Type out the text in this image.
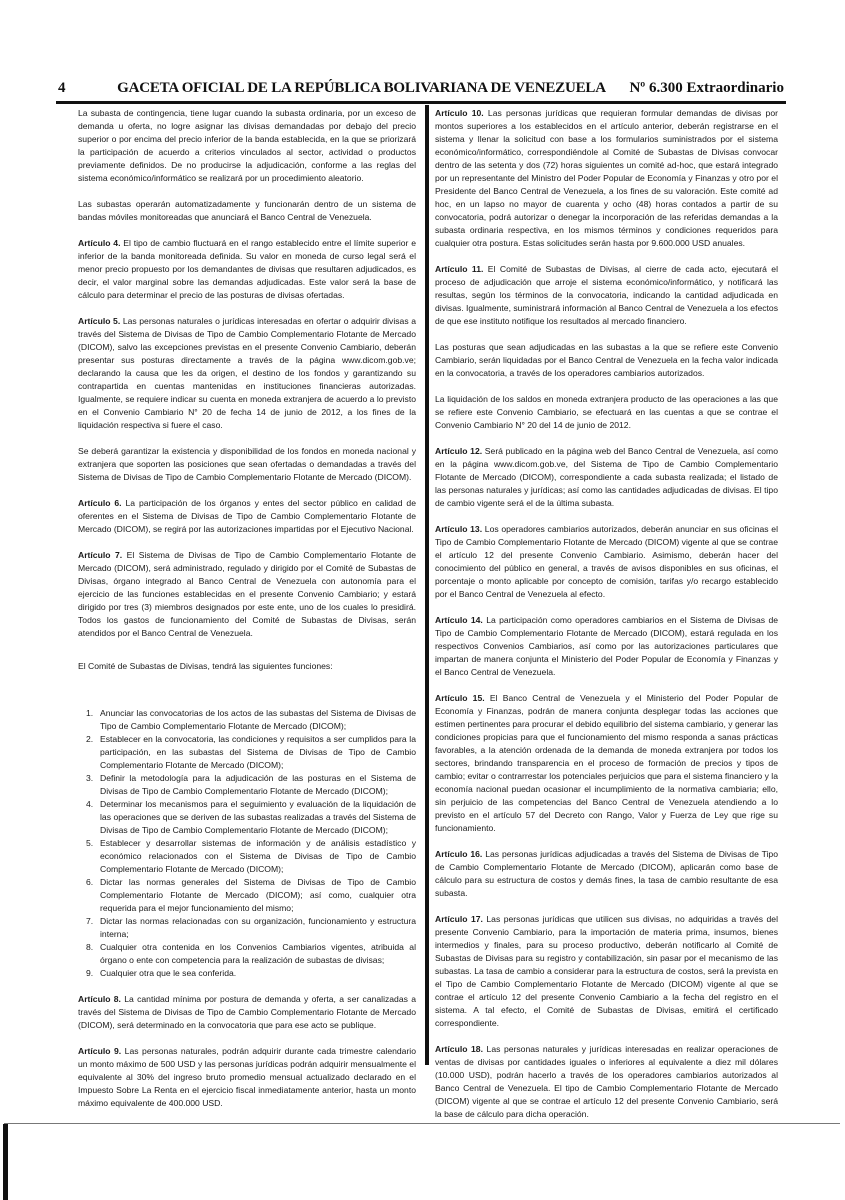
4	GACETA OFICIAL DE LA REPÚBLICA BOLIVARIANA DE VENEZUELA Nº 6.300 Extraordinario

La subasta de contingencia, tiene lugar cuando la subasta ordinaria, por un exceso de demanda u oferta, no logre asignar las divisas demandadas por debajo del precio superior o por encima del precio inferior de la banda establecida, en la que se priorizará la participación de acuerdo a criterios vinculados al sector, actividad o productos previamente definidos. De no producirse la adjudicación, conforme a las reglas del sistema económico/informático se realizará por un procedimiento aleatorio.

Las subastas operarán automatizadamente y funcionarán dentro de un sistema de bandas móviles monitoreadas que anunciará el Banco Central de Venezuela.

Artículo 4. El tipo de cambio fluctuará en el rango establecido entre el límite superior e inferior de la banda monitoreada definida. Su valor en moneda de curso legal será el menor precio propuesto por los demandantes de divisas que resultaren adjudicados, es decir, el valor marginal sobre las demandas adjudicadas. Este valor será la base de cálculo para determinar el precio de las posturas de divisas ofertadas.

Artículo 5. Las personas naturales o jurídicas interesadas en ofertar o adquirir divisas a través del Sistema de Divisas de Tipo de Cambio Complementario Flotante de Mercado (DICOM), salvo las excepciones previstas en el presente Convenio Cambiario, deberán presentar sus posturas directamente a través de la página www.dicom.gob.ve; declarando la causa que les da origen, el destino de los fondos y garantizando su contrapartida en cuentas mantenidas en instituciones financieras autorizadas. Igualmente, se requiere indicar su cuenta en moneda extranjera de acuerdo a lo previsto en el Convenio Cambiario N° 20 de fecha 14 de junio de 2012, a los fines de la liquidación respectiva si fuere el caso.

Se deberá garantizar la existencia y disponibilidad de los fondos en moneda nacional y extranjera que soporten las posiciones que sean ofertadas o demandadas a través del Sistema de Divisas de Tipo de Cambio Complementario Flotante de Mercado (DICOM).

Artículo 6. La participación de los órganos y entes del sector público en calidad de oferentes en el Sistema de Divisas de Tipo de Cambio Complementario Flotante de Mercado (DICOM), se regirá por las autorizaciones impartidas por el Ejecutivo Nacional.

Artículo 7. El Sistema de Divisas de Tipo de Cambio Complementario Flotante de Mercado (DICOM), será administrado, regulado y dirigido por el Comité de Subastas de Divisas, órgano integrado al Banco Central de Venezuela con autonomía para el ejercicio de las funciones establecidas en el presente Convenio Cambiario; y estará dirigido por tres (3) miembros designados por este ente, uno de los cuales lo presidirá. Todos los gastos de funcionamiento del Comité de Subastas de Divisas, serán atendidos por el Banco Central de Venezuela.

El Comité de Subastas de Divisas, tendrá las siguientes funciones:

1. Anunciar las convocatorias de los actos de las subastas del Sistema de Divisas de Tipo de Cambio Complementario Flotante de Mercado (DICOM);
2. Establecer en la convocatoria, las condiciones y requisitos a ser cumplidos para la participación, en las subastas del Sistema de Divisas de Tipo de Cambio Complementario Flotante de Mercado (DICOM);
3. Definir la metodología para la adjudicación de las posturas en el Sistema de Divisas de Tipo de Cambio Complementario Flotante de Mercado (DICOM);
4. Determinar los mecanismos para el seguimiento y evaluación de la liquidación de las operaciones que se deriven de las subastas realizadas a través del Sistema de Divisas de Tipo de Cambio Complementario Flotante de Mercado (DICOM);
5. Establecer y desarrollar sistemas de información y de análisis estadístico y económico relacionados con el Sistema de Divisas de Tipo de Cambio Complementario Flotante de Mercado (DICOM);
6. Dictar las normas generales del Sistema de Divisas de Tipo de Cambio Complementario Flotante de Mercado (DICOM); así como, cualquier otra requerida para el mejor funcionamiento del mismo;
7. Dictar las normas relacionadas con su organización, funcionamiento y estructura interna;
8. Cualquier otra contenida en los Convenios Cambiarios vigentes, atribuida al órgano o ente con competencia para la realización de subastas de divisas;
9. Cualquier otra que le sea conferida.

Artículo 8. La cantidad mínima por postura de demanda y oferta, a ser canalizadas a través del Sistema de Divisas de Tipo de Cambio Complementario Flotante de Mercado (DICOM), será determinado en la convocatoria que para ese acto se publique.

Artículo 9. Las personas naturales, podrán adquirir durante cada trimestre calendario un monto máximo de 500 USD y las personas jurídicas podrán adquirir mensualmente el equivalente al 30% del ingreso bruto promedio mensual actualizado declarado en el Impuesto Sobre La Renta en el ejercicio fiscal inmediatamente anterior, hasta un monto máximo equivalente de 400.000 USD.

Artículo 10. Las personas jurídicas que requieran formular demandas de divisas por montos superiores a los establecidos en el artículo anterior, deberán registrarse en el sistema y llenar la solicitud con base a los formularios suministrados por el sistema económico/informático, correspondiéndole al Comité de Subastas de Divisas convocar dentro de las setenta y dos (72) horas siguientes un comité ad-hoc, que estará integrado por un representante del Ministro del Poder Popular de Economía y Finanzas y otro por el Presidente del Banco Central de Venezuela, a los fines de su valoración. Este comité ad hoc, en un lapso no mayor de cuarenta y ocho (48) horas contados a partir de su convocatoria, podrá autorizar o denegar la incorporación de las referidas demandas a la subasta ordinaria respectiva, en los mismos términos y condiciones requeridos para cualquier otra postura. Estas solicitudes serán hasta por 9.600.000 USD anuales.

Artículo 11. El Comité de Subastas de Divisas, al cierre de cada acto, ejecutará el proceso de adjudicación que arroje el sistema económico/informático, y notificará las resultas, según los términos de la convocatoria, indicando la cantidad adjudicada en divisas. Igualmente, suministrará información al Banco Central de Venezuela a los efectos de que ese instituto notifique los resultados al mercado financiero.

Las posturas que sean adjudicadas en las subastas a la que se refiere este Convenio Cambiario, serán liquidadas por el Banco Central de Venezuela en la fecha valor indicada en la convocatoria, a través de los operadores cambiarios autorizados.

La liquidación de los saldos en moneda extranjera producto de las operaciones a las que se refiere este Convenio Cambiario, se efectuará en las cuentas a que se contrae el Convenio Cambiario N° 20 del 14 de junio de 2012.

Artículo 12. Será publicado en la página web del Banco Central de Venezuela, así como en la página www.dicom.gob.ve, del Sistema de Tipo de Cambio Complementario Flotante de Mercado (DICOM), correspondiente a cada subasta realizada; el listado de las personas naturales y jurídicas; así como las cantidades adjudicadas de divisas. El tipo de cambio vigente será el de la última subasta.

Artículo 13. Los operadores cambiarios autorizados, deberán anunciar en sus oficinas el Tipo de Cambio Complementario Flotante de Mercado (DICOM) vigente al que se contrae el artículo 12 del presente Convenio Cambiario. Asimismo, deberán hacer del conocimiento del público en general, a través de avisos disponibles en sus oficinas, el porcentaje o monto aplicable por concepto de comisión, tarifas y/o recargo establecido por el Banco Central de Venezuela al efecto.

Artículo 14. La participación como operadores cambiarios en el Sistema de Divisas de Tipo de Cambio Complementario Flotante de Mercado (DICOM), estará regulada en los respectivos Convenios Cambiarios, así como por las autorizaciones particulares que impartan de manera conjunta el Ministerio del Poder Popular de Economía y Finanzas y el Banco Central de Venezuela.

Artículo 15. El Banco Central de Venezuela y el Ministerio del Poder Popular de Economía y Finanzas, podrán de manera conjunta desplegar todas las acciones que estimen pertinentes para procurar el debido equilibrio del sistema cambiario, y generar las condiciones propicias para que el funcionamiento del mismo responda a sanas prácticas favorables, a la atención ordenada de la demanda de moneda extranjera por todos los sectores, brindando transparencia en el proceso de formación de precios y tipos de cambio; evitar o contrarrestar los potenciales perjuicios que para el sistema financiero y la economía nacional puedan ocasionar el incumplimiento de la normativa cambiaria; ello, sin perjuicio de las competencias del Banco Central de Venezuela atendiendo a lo previsto en el artículo 57 del Decreto con Rango, Valor y Fuerza de Ley que rige su funcionamiento.

Artículo 16. Las personas jurídicas adjudicadas a través del Sistema de Divisas de Tipo de Cambio Complementario Flotante de Mercado (DICOM), aplicarán como base de cálculo para su estructura de costos y demás fines, la tasa de cambio resultante de esa subasta.

Artículo 17. Las personas jurídicas que utilicen sus divisas, no adquiridas a través del presente Convenio Cambiario, para la importación de materia prima, insumos, bienes intermedios y finales, para su proceso productivo, deberán notificarlo al Comité de Subastas de Divisas para su registro y contabilización, sin pasar por el mecanismo de las subastas. La tasa de cambio a considerar para la estructura de costos, será la prevista en el Tipo de Cambio Complementario Flotante de Mercado (DICOM) vigente al que se contrae el artículo 12 del presente Convenio Cambiario a la fecha del registro en el sistema. A tal efecto, el Comité de Subastas de Divisas, emitirá el certificado correspondiente.

Artículo 18. Las personas naturales y jurídicas interesadas en realizar operaciones de ventas de divisas por cantidades iguales o inferiores al equivalente a diez mil dólares (10.000 USD), podrán hacerlo a través de los operadores cambiarios autorizados al Banco Central de Venezuela. El tipo de Cambio Complementario Flotante de Mercado (DICOM) vigente al que se contrae el artículo 12 del presente Convenio Cambiario, será la base de cálculo para dicha operación.
